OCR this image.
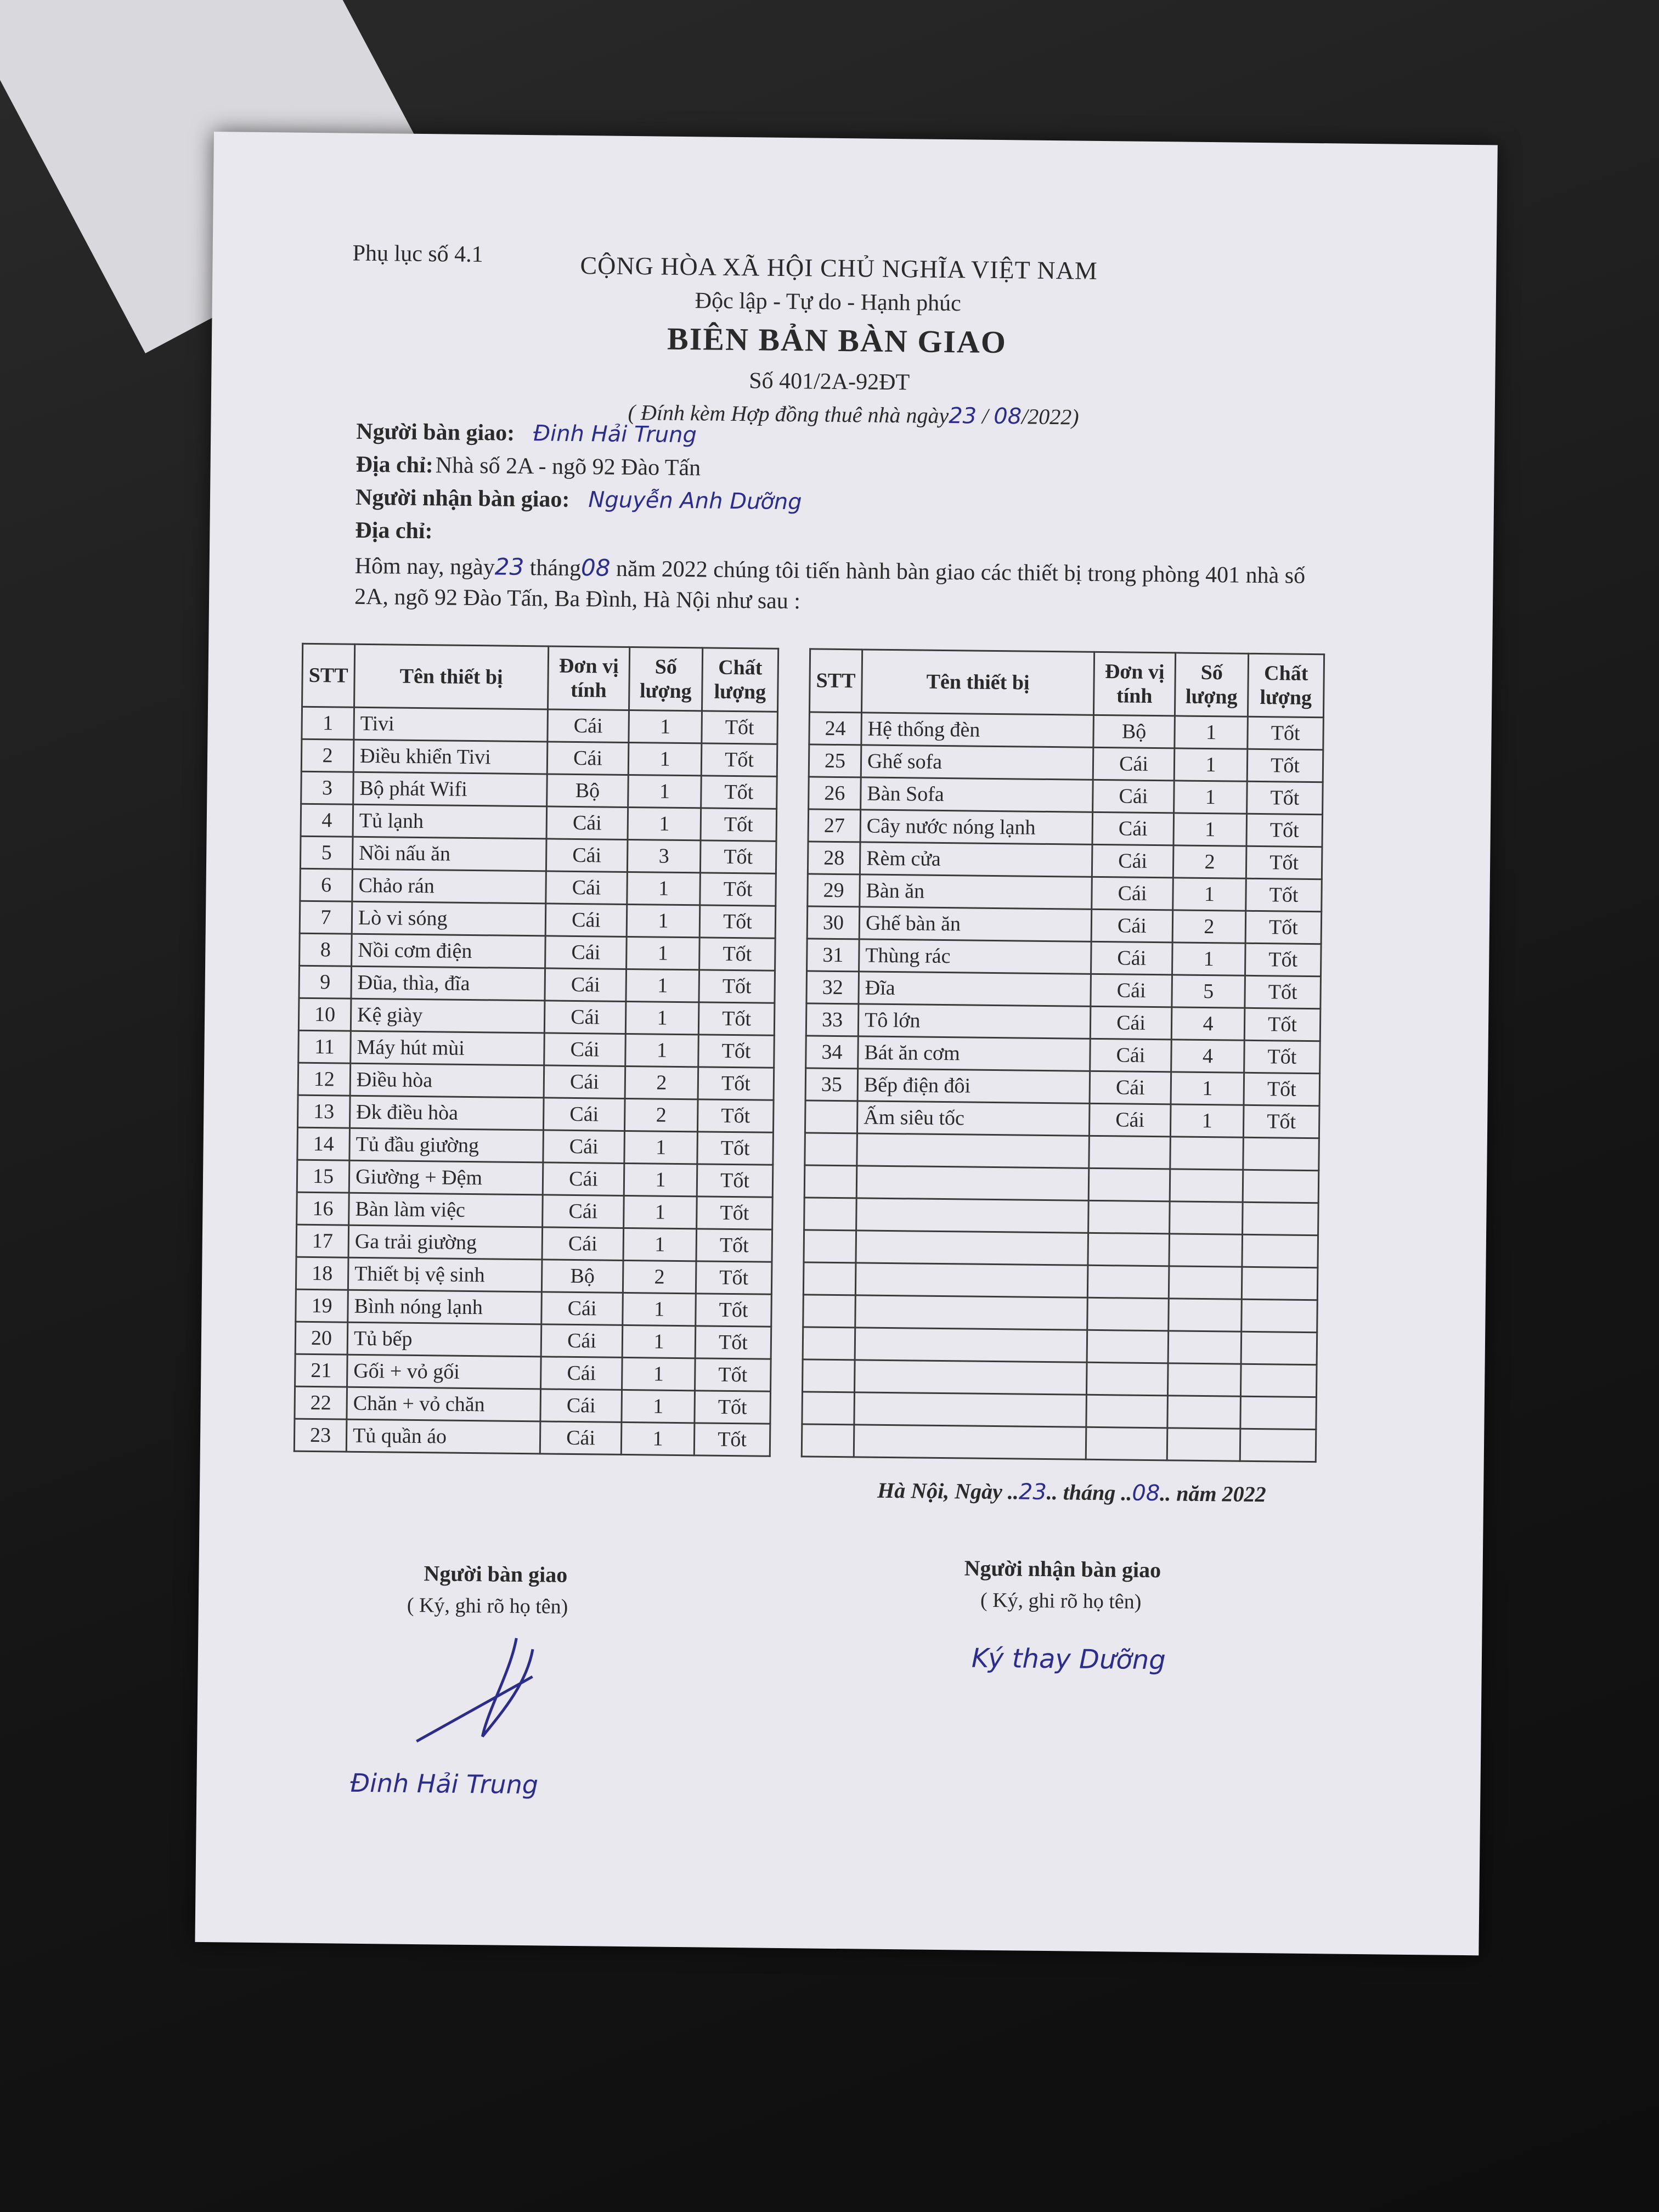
Phụ lục số 4.1	CỘNG HÒA XÃ HỘI CHỦ NGHĨA VIỆT NAM
Độc lập - Tự do - Hạnh phúc
BIÊN BẢN BÀN GIAO
Số 401/2A-92ĐT
( Đính kèm Hợp đồng thuê nhà ngày23 / 08/2022)
Người bàn giao: Đinh Hải Trung
Địa chỉ: Nhà số 2A - ngõ 92 Đào Tấn
Người nhận bàn giao: Nguyễn Anh Dưỡng
Địa chỉ:
Hôm nay, ngày23 tháng08 năm 2022 chúng tôi tiến hành bàn giao các thiết bị trong phòng 401 nhà số 2A, ngõ 92 Đào Tấn, Ba Đình, Hà Nội như sau :
STT	Tên thiết bị	Đơn vị tính	Số lượng	Chất lượng
1	Tivi	Cái	1	Tốt
2	Điều khiển Tivi	Cái	1	Tốt
3	Bộ phát Wifi	Bộ	1	Tốt
4	Tủ lạnh	Cái	1	Tốt
5	Nồi nấu ăn	Cái	3	Tốt
6	Chảo rán	Cái	1	Tốt
7	Lò vi sóng	Cái	1	Tốt
8	Nồi cơm điện	Cái	1	Tốt
9	Đũa, thìa, đĩa	Cái	1	Tốt
10	Kệ giày	Cái	1	Tốt
11	Máy hút mùi	Cái	1	Tốt
12	Điều hòa	Cái	2	Tốt
13	Đk điều hòa	Cái	2	Tốt
14	Tủ đầu giường	Cái	1	Tốt
15	Giường + Đệm	Cái	1	Tốt
16	Bàn làm việc	Cái	1	Tốt
17	Ga trải giường	Cái	1	Tốt
18	Thiết bị vệ sinh	Bộ	2	Tốt
19	Bình nóng lạnh	Cái	1	Tốt
20	Tủ bếp	Cái	1	Tốt
21	Gối + vỏ gối	Cái	1	Tốt
22	Chăn + vỏ chăn	Cái	1	Tốt
23	Tủ quần áo	Cái	1	Tốt
STT	Tên thiết bị	Đơn vị tính	Số lượng	Chất lượng
24	Hệ thống đèn	Bộ	1	Tốt
25	Ghế sofa	Cái	1	Tốt
26	Bàn Sofa	Cái	1	Tốt
27	Cây nước nóng lạnh	Cái	1	Tốt
28	Rèm cửa	Cái	2	Tốt
29	Bàn ăn	Cái	1	Tốt
30	Ghế bàn ăn	Cái	2	Tốt
31	Thùng rác	Cái	1	Tốt
32	Đĩa	Cái	5	Tốt
33	Tô lớn	Cái	4	Tốt
34	Bát ăn cơm	Cái	4	Tốt
35	Bếp điện đôi	Cái	1	Tốt
	Ấm siêu tốc	Cái	1	Tốt

Hà Nội, Ngày ..23.. tháng ..08.. năm 2022
Người bàn giao
( Ký, ghi rõ họ tên)
Đinh Hải Trung
Người nhận bàn giao
( Ký, ghi rõ họ tên)
Ký thay Dưỡng
